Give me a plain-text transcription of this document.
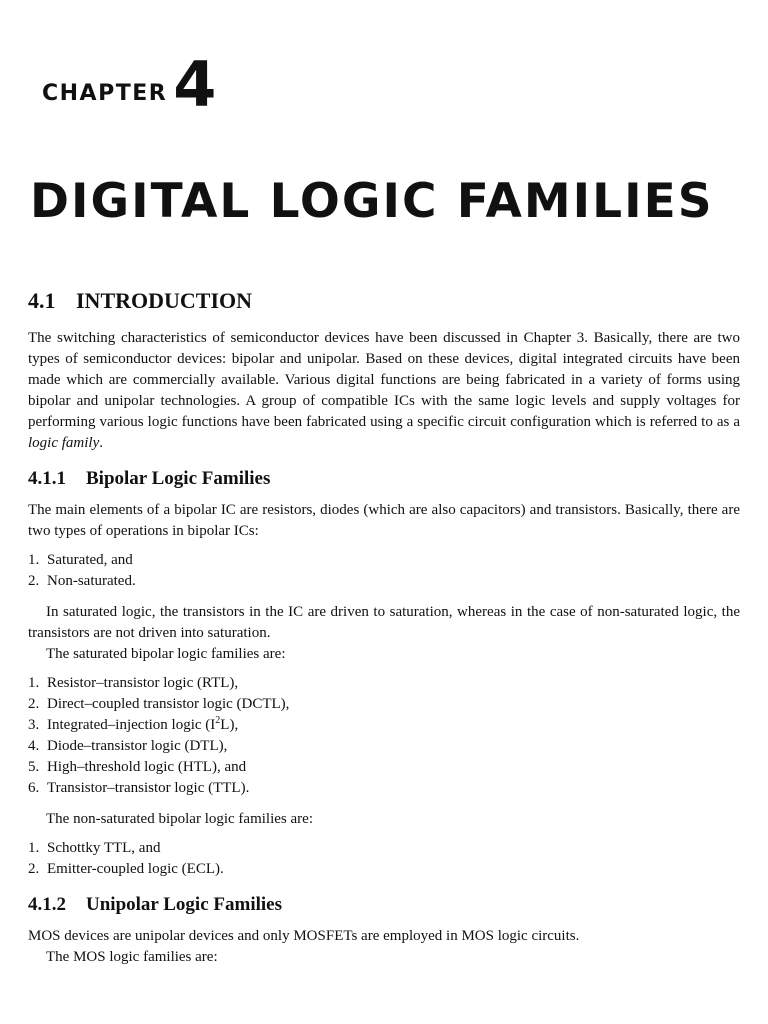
CHAPTER4
DIGITAL LOGIC FAMILIES
4.1 INTRODUCTION

The switching characteristics of semiconductor devices have been discussed in Chapter 3. Basically, there are two types of semiconductor devices: bipolar and unipolar. Based on these devices, digital integrated circuits have been made which are commercially available. Various digital functions are being fabricated in a variety of forms using bipolar and unipolar technologies. A group of compatible ICs with the same logic levels and supply voltages for performing various logic functions have been fabricated using a specific circuit configuration which is referred to as a logic family.

4.1.1 Bipolar Logic Families

The main elements of a bipolar IC are resistors, diodes (which are also capacitors) and transistors. Basically, there are two types of operations in bipolar ICs:

1. Saturated, and
2. Non-saturated.

In saturated logic, the transistors in the IC are driven to saturation, whereas in the case of non-saturated logic, the transistors are not driven into saturation.

The saturated bipolar logic families are:

1. Resistor–transistor logic (RTL),
2. Direct–coupled transistor logic (DCTL),
3. Integrated–injection logic $(I^2L)$,
4. Diode–transistor logic (DTL),
5. High–threshold logic (HTL), and
6. Transistor–transistor logic (TTL).

The non-saturated bipolar logic families are:

1. Schottky TTL, and
2. Emitter-coupled logic (ECL).
4.1.2 Unipolar Logic Families

MOS devices are unipolar devices and only MOSFETs are employed in MOS logic circuits.

The MOS logic families are:
